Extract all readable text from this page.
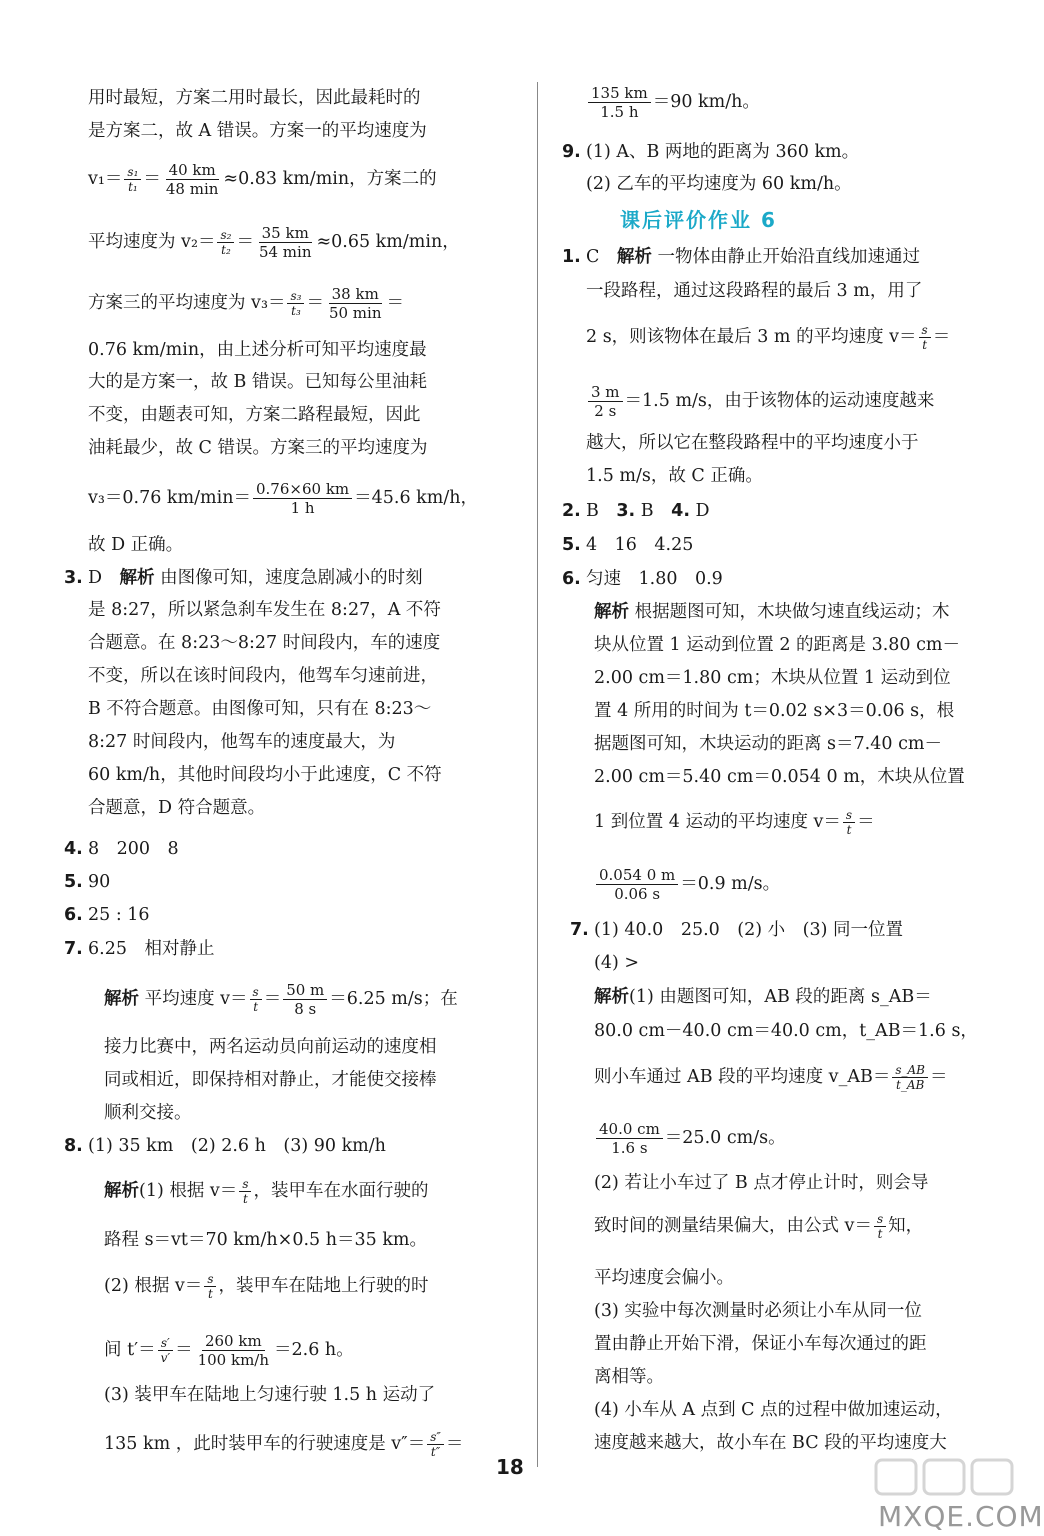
用时最短，方案二用时最长，因此最耗时的
是方案二，故 A 错误。方案一的平均速度为
$v_1= \frac{\text{s₁}}{\text{t₁}} = \frac{40 km}{48 \min} \approx 0.83$ km/min，方案二的
平均速度为 $v_2= \frac{\text{s₂}}{\text{t₂}} = \frac{35 km}{54 \min} \approx 0.65$ km/min，
方案三的平均速度为 $v_3= \frac{\text{s₃}}{\text{t₃}} = \frac{38 km}{50 \min}$ ＝
0.76 km/min，由上述分析可知平均速度最
大的是方案一，故 B 错误。已知每公里油耗
不变，由题表可知，方案二路程最短，因此
油耗最少，故 C 错误。方案三的平均速度为
v₃＝0.76 $km/\min= \frac{0.76\times 60 km}{1 h} =45.6$ km/h，
故 D 正确。
3. D　解析 由图像可知，速度急剧减小的时刻
是 8:27，所以紧急刹车发生在 8:27，A 不符
合题意。在 8:23～8:27 时间段内，车的速度
不变，所以在该时间段内，他驾车匀速前进，
B 不符合题意。由图像可知，只有在 8:23～
8:27 时间段内，他驾车的速度最大，为
60 km/h，其他时间段均小于此速度，C 不符
合题意，D 符合题意。
4. 8　200　8
5. 90
6. 25 : 16
7. 6.25　相对静止
解析 平均速度 $v= \frac{s}{t} = \frac{50 m}{8 s} =6.25$ m/s；在
接力比赛中，两名运动员向前运动的速度相
同或相近，即保持相对静止，才能使交接棒
顺利交接。
8. (1) 35 km　(2) 2.6 h　(3) 90 km/h
解析(1) 根据 $v= \frac{s}{t}$ ，装甲车在水面行驶的
路程 s＝vt＝70 km/h×0.5 h＝35 km。
(2) 根据 $v= \frac{s}{t}$ ，装甲车在陆地上行驶的时
间 $t'= \frac{s'}{v'} = \frac{260 km}{100 km/h} =2.6$ h。
(3) 装甲车在陆地上匀速行驶 1.5 h 运动了
135 km ，此时装甲车的行驶速度是 $v''= \frac{s''}{t''}$ ＝
$\frac{135 km}{1.5 h} =90$ km/h。
9. (1) A、B 两地的距离为 360 km。
(2) 乙车的平均速度为 60 km/h。
课后评价作业 6
1. C　解析 一物体由静止开始沿直线加速通过
一段路程，通过这段路程的最后 3 m，用了
2 s，则该物体在最后 3 m 的平均速度 $v= \frac{s}{t}$ ＝
$\frac{3 m}{2 s} =1.5$ m/s，由于该物体的运动速度越来
越大，所以它在整段路程中的平均速度小于
1.5 m/s，故 C 正确。
2. B　3. B　4. D
5. 4　16　4.25
6. 匀速　1.80　0.9
解析 根据题图可知，木块做匀速直线运动；木
块从位置 1 运动到位置 2 的距离是 3.80 cm－
2.00 cm＝1.80 cm；木块从位置 1 运动到位
置 4 所用的时间为 t＝0.02 s×3＝0.06 s，根
据题图可知，木块运动的距离 s＝7.40 cm－
2.00 cm＝5.40 cm＝0.054 0 m，木块从位置
1 到位置 4 运动的平均速度 $v= \frac{s}{t}$ ＝
$\frac{0.054 0 m}{0.06 s} =0.9$ m/s。
7. (1) 40.0　25.0　(2) 小　(3) 同一位置
(4) >
解析(1) 由题图可知，AB 段的距离 s_AB＝
80.0 cm－40.0 cm＝40.0 cm，t_AB＝1.6 s，
则小车通过 AB 段的平均速度 v_AB＝ $\frac{s\_AB}{t\_AB}$ ＝
$\frac{40.0 cm}{1.6 s} =25.0$ cm/s。
(2) 若让小车过了 B 点才停止计时，则会导
致时间的测量结果偏大，由公式 $v= \frac{s}{t}$ 知，
平均速度会偏小。
(3) 实验中每次测量时必须让小车从同一位
置由静止开始下滑，保证小车每次通过的距
离相等。
(4) 小车从 A 点到 C 点的过程中做加速运动，
速度越来越大，故小车在 BC 段的平均速度大
18
MXQE.COM
